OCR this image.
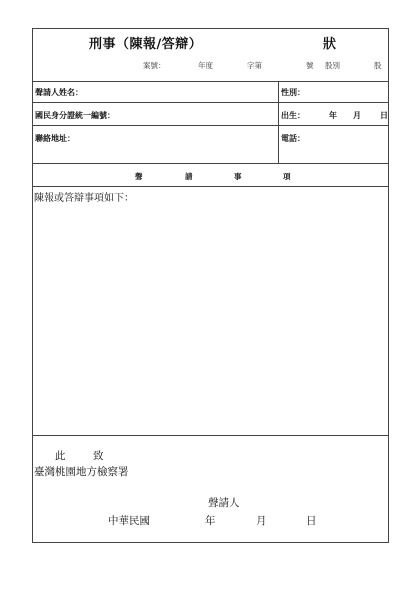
刑事（陳報/答辯）	狀
案號：	年度	字第	號 股別	股
聲請人姓名：	性別：
國民身分證統一編號：	出生：	年 月 日
聯絡地址：	電話：
聲	請	事	項
陳報或答辯事項如下：
此	致
臺灣桃園地方檢察署
聲請人
中華民國	年	月	日
